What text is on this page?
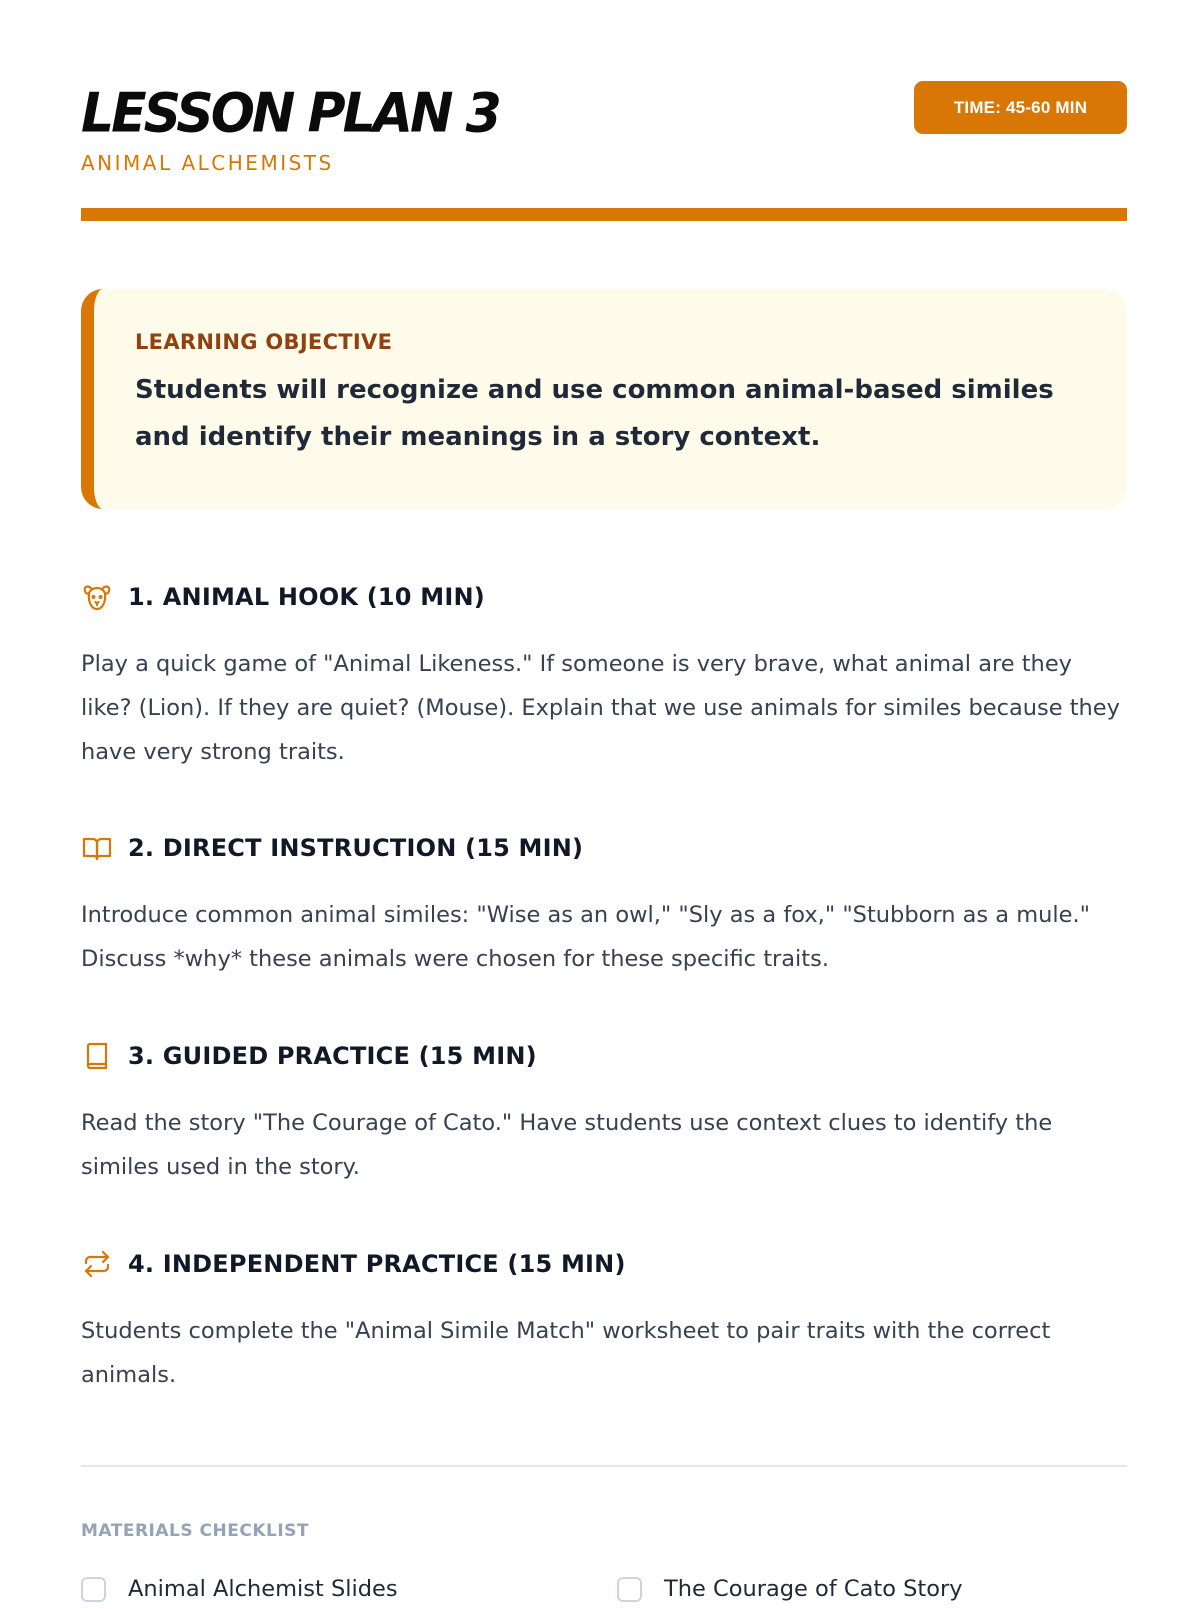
LESSON PLAN 3
ANIMAL ALCHEMISTS
TIME: 45-60 MIN
LEARNING OBJECTIVE
Students will recognize and use common animal-based similes and identify their meanings in a story context.
1. ANIMAL HOOK (10 MIN)
Play a quick game of "Animal Likeness." If someone is very brave, what animal are they like? (Lion). If they are quiet? (Mouse). Explain that we use animals for similes because they have very strong traits.
2. DIRECT INSTRUCTION (15 MIN)
Introduce common animal similes: "Wise as an owl," "Sly as a fox," "Stubborn as a mule." Discuss *why* these animals were chosen for these specific traits.
3. GUIDED PRACTICE (15 MIN)
Read the story "The Courage of Cato." Have students use context clues to identify the similes used in the story.
4. INDEPENDENT PRACTICE (15 MIN)
Students complete the "Animal Simile Match" worksheet to pair traits with the correct animals.
MATERIALS CHECKLIST
Animal Alchemist Slides	The Courage of Cato Story
